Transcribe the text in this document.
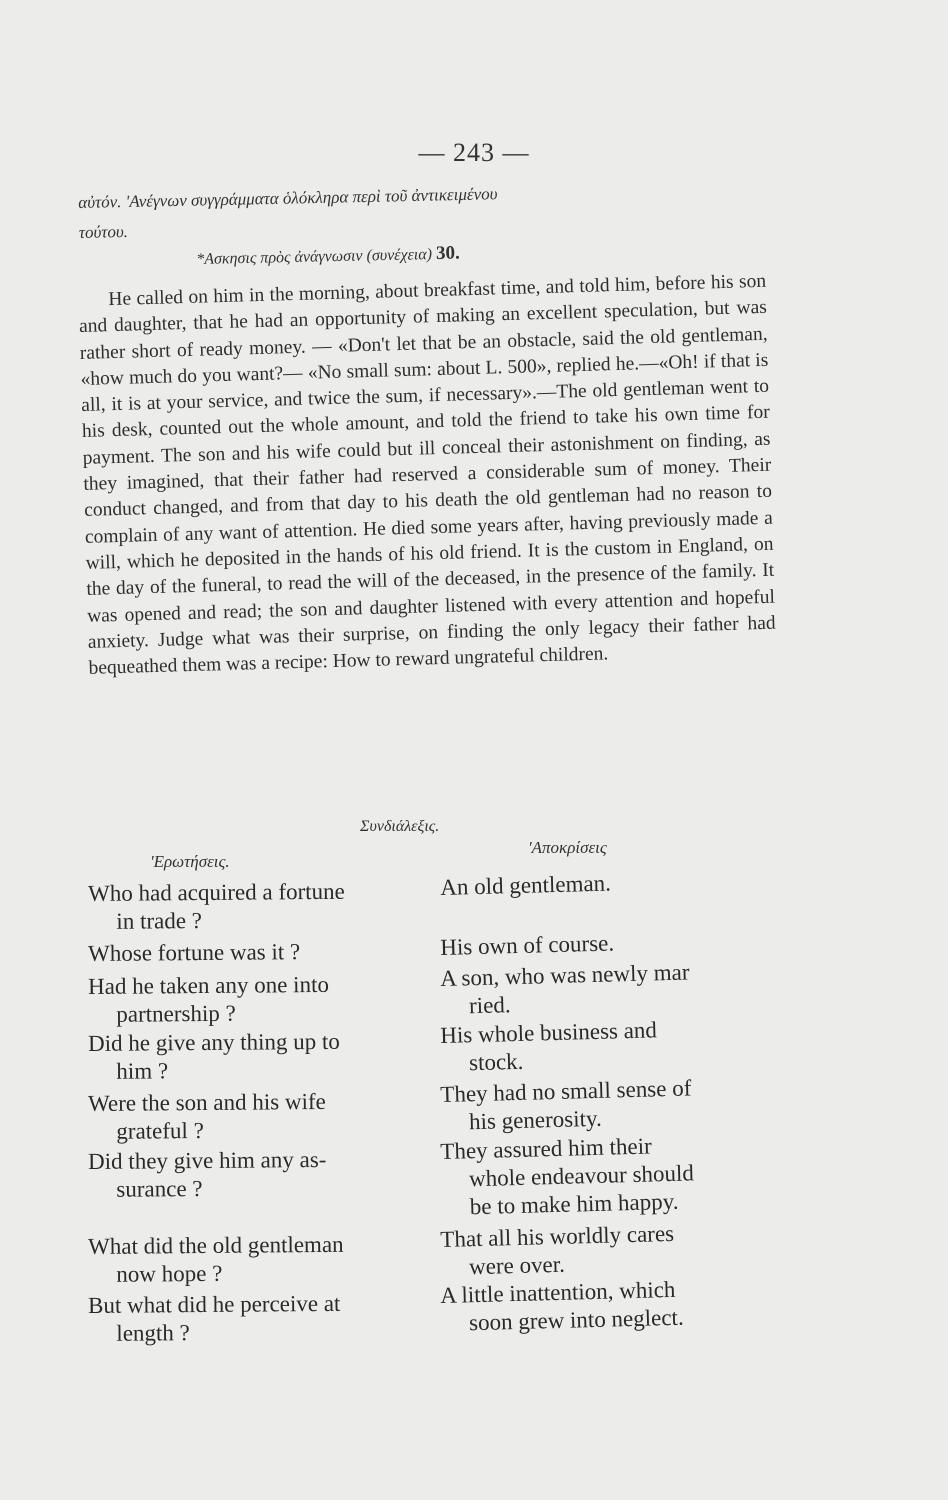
— 243 —

αὐτόν. 'Ανέγνων συγγράμματα ὁλόκληρα περὶ τοῦ ἀντικειμένου

τούτου.

*Ασκησις πρὸς ἀνάγνωσιν (συνέχεια) 30.

He called on him in the morning, about breakfast time, and told him, before his son and daughter, that he had an opportunity of making an excellent speculation, but was rather short of ready money. — «Don't let that be an obstacle, said the old gentleman, «how much do you want?— «No small sum: about L. 500», replied he.—«Oh! if that is all, it is at your service, and twice the sum, if necessary».—The old gentleman went to his desk, counted out the whole amount, and told the friend to take his own time for payment. The son and his wife could but ill conceal their astonishment on finding, as they imagined, that their father had reserved a considerable sum of money. Their conduct changed, and from that day to his death the old gentleman had no reason to complain of any want of attention. He died some years after, having previously made a will, which he deposited in the hands of his old friend. It is the custom in England, on the day of the funeral, to read the will of the deceased, in the presence of the family. It was opened and read; the son and daughter listened with every attention and hopeful anxiety. Judge what was their surprise, on finding the only legacy their father had bequeathed them was a recipe: How to reward ungrateful children.

Συνδιάλεξις.
'Ερωτήσεις.
'Αποκρίσεις
Who had acquired a fortune
in trade ?
Whose fortune was it ?
Had he taken any one into
partnership ?
Did he give any thing up to
him ?
Were the son and his wife
grateful ?
Did they give him any as-
surance ?
What did the old gentleman
now hope ?
But what did he perceive at
length ?
An old gentleman.
His own of course.
A son, who was newly mar
ried.
His whole business and
stock.
They had no small sense of
his generosity.
They assured him their
whole endeavour should
be to make him happy.
That all his worldly cares
were over.
A little inattention, which
soon grew into neglect.
